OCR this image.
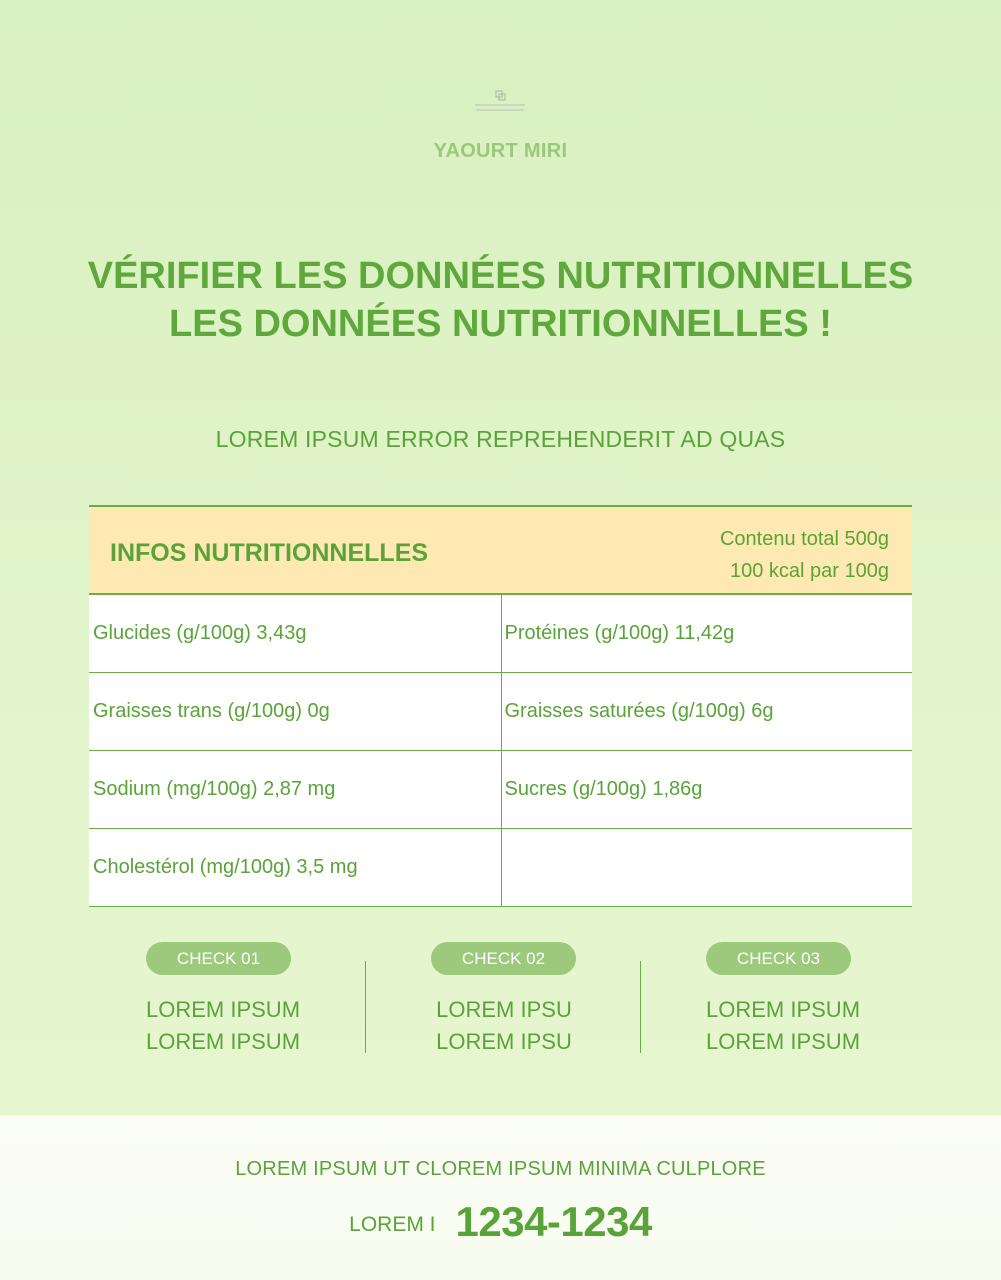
YAOURT MIRI
VÉRIFIER LES DONNÉES NUTRITIONNELLES
LES DONNÉES NUTRITIONNELLES !
LOREM IPSUM ERROR REPREHENDERIT AD QUAS
INFOS NUTRITIONNELLES	Contenu total 500g
100 kcal par 100g
Glucides (g/100g) 3,43g	Protéines (g/100g) 11,42g
Graisses trans (g/100g) 0g	Graisses saturées (g/100g) 6g
Sodium (mg/100g) 2,87 mg	Sucres (g/100g) 1,86g
Cholestérol (mg/100g) 3,5 mg
CHECK 01
LOREM IPSUM
LOREM IPSUM
CHECK 02
LOREM IPSU
LOREM IPSU
CHECK 03
LOREM IPSUM
LOREM IPSUM
LOREM IPSUM UT CLOREM IPSUM MINIMA CULPLORE
LOREM I 1234-1234
